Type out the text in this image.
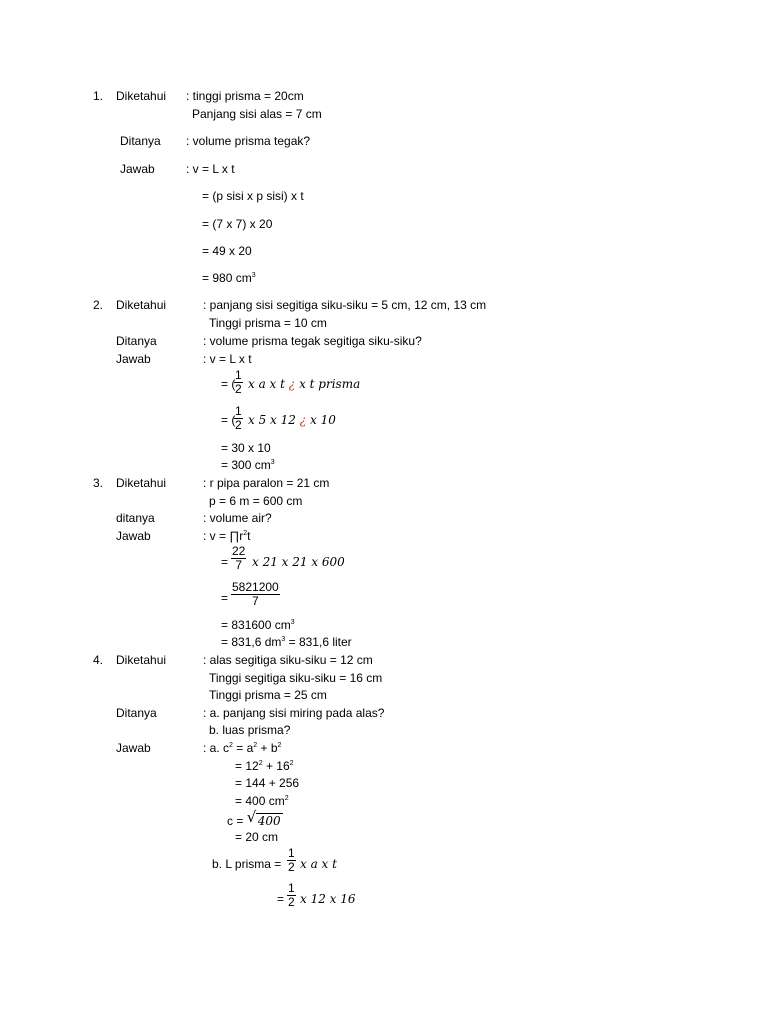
1. Diketahui : tinggi prisma = 20cm
Panjang sisi alas = 7 cm
Ditanya : volume prisma tegak?
Jawab	: v = L x t
= (p sisi x p sisi) x t
= (7 x 7) x 20
= 49 x 20
= 980 $cm^3$
2. Diketahui	: panjang sisi segitiga siku-siku = 5 cm, 12 cm, 13 cm
Tinggi prisma = 10 cm
Ditanya	: volume prisma tegak segitiga siku-siku?
Jawab	: v = L x t
= (
1
2 x a x t ¿ x t prisma
= (
1
2 x 5 x 12 ¿ x 10
= 30 x 10
= 300 $cm^3$
3. Diketahui	: r pipa paralon = 21 cm
p = 6 m = 600 cm
ditanya	: volume air?
Jawab	: $v = \prod r^2t$
=
22
7 x 21 x 21 x 600
=
5821200
7
= 831600 $cm^3$
= 831,6 $dm^3 = 831,6$ liter
4. Diketahui	: alas segitiga siku-siku = 12 cm
Tinggi segitiga siku-siku = 16 cm
Tinggi prisma = 25 cm
Ditanya	: a. panjang sisi miring pada alas?
b. luas prisma?
Jawab	: a. $c^2 = a^2 + b^2$
= $12^2 + 16^2$
= 144 + 256
= 400 $cm^2$
c = √ 400
= 20 cm
b. L prisma =
1
2 x a x t
=
1
2 x 12 x 16
